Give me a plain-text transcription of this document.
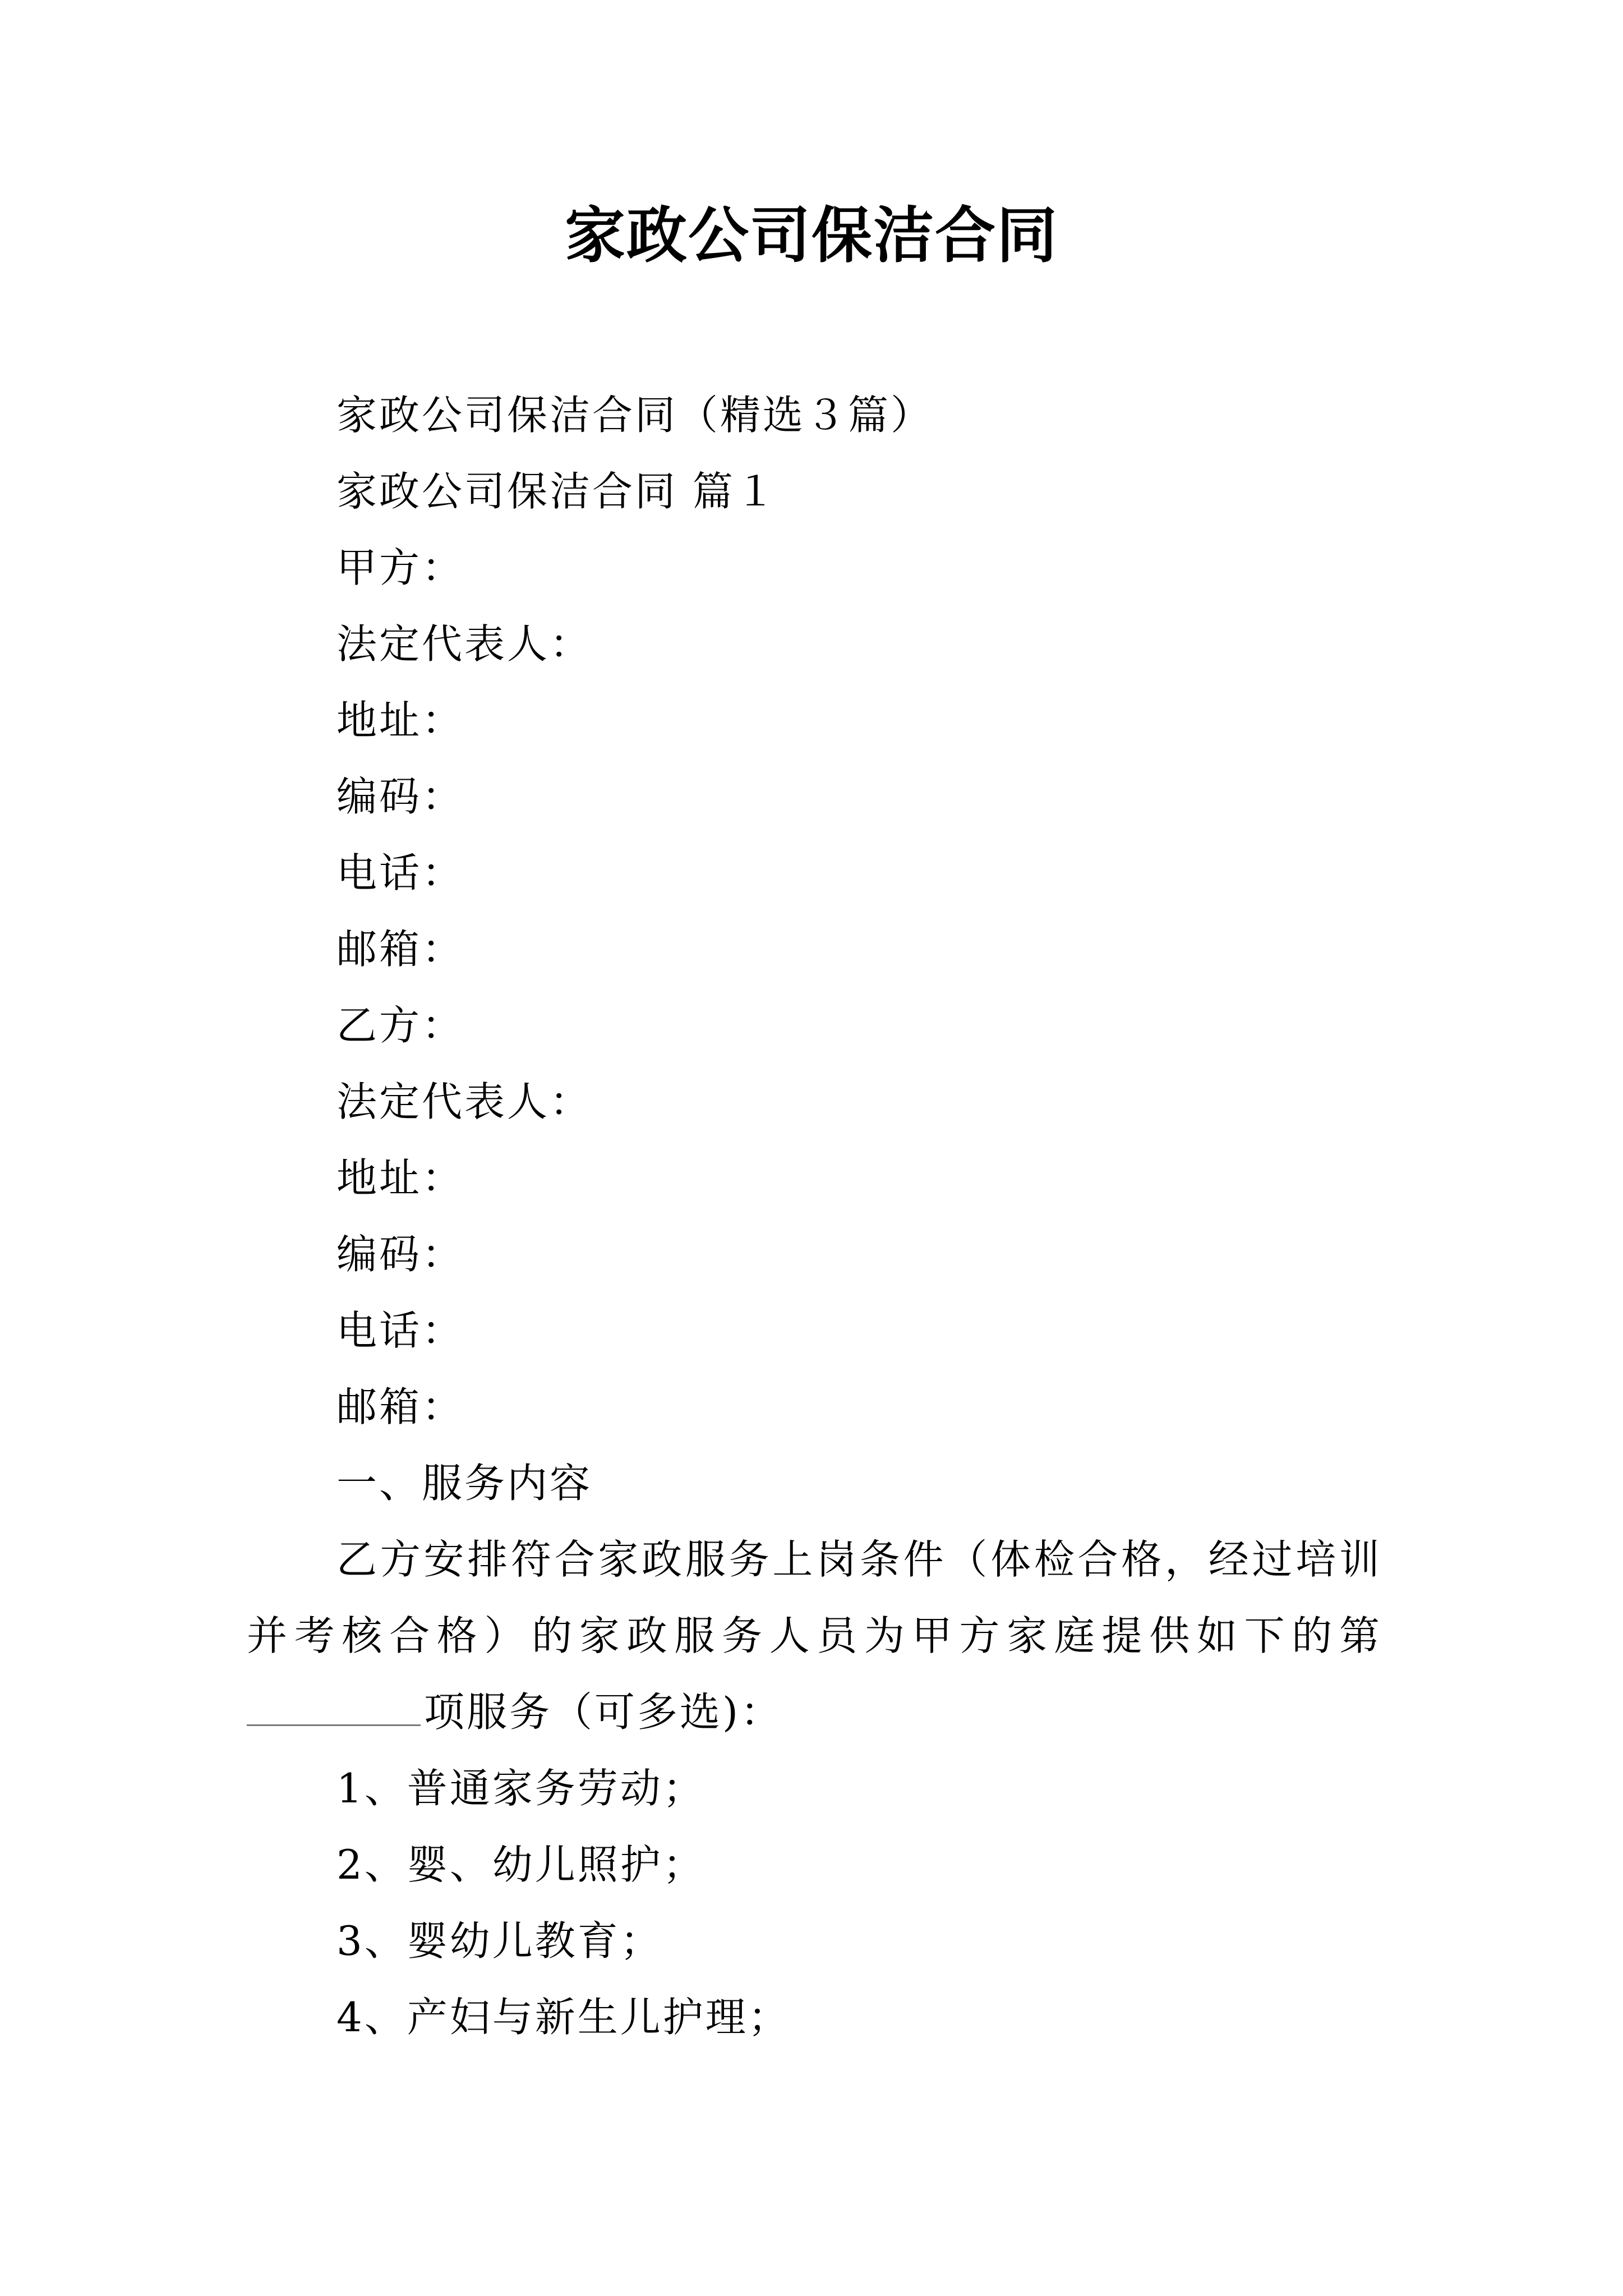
家政公司保洁合同
家政公司保洁合同（精选３篇）
家政公司保洁合同 篇１
甲方：
法定代表人：
地址：
编码：
电话：
邮箱：
乙方：
法定代表人：
地址：
编码：
电话：
邮箱：
一、服务内容
乙方安排符合家政服务上岗条件（体检合格，经过培训
并考核合格）的家政服务人员为甲方家庭提供如下的第
项服务（可多选)：
1、普通家务劳动；
2、婴、幼儿照护；
3、婴幼儿教育；
4、产妇与新生儿护理；
